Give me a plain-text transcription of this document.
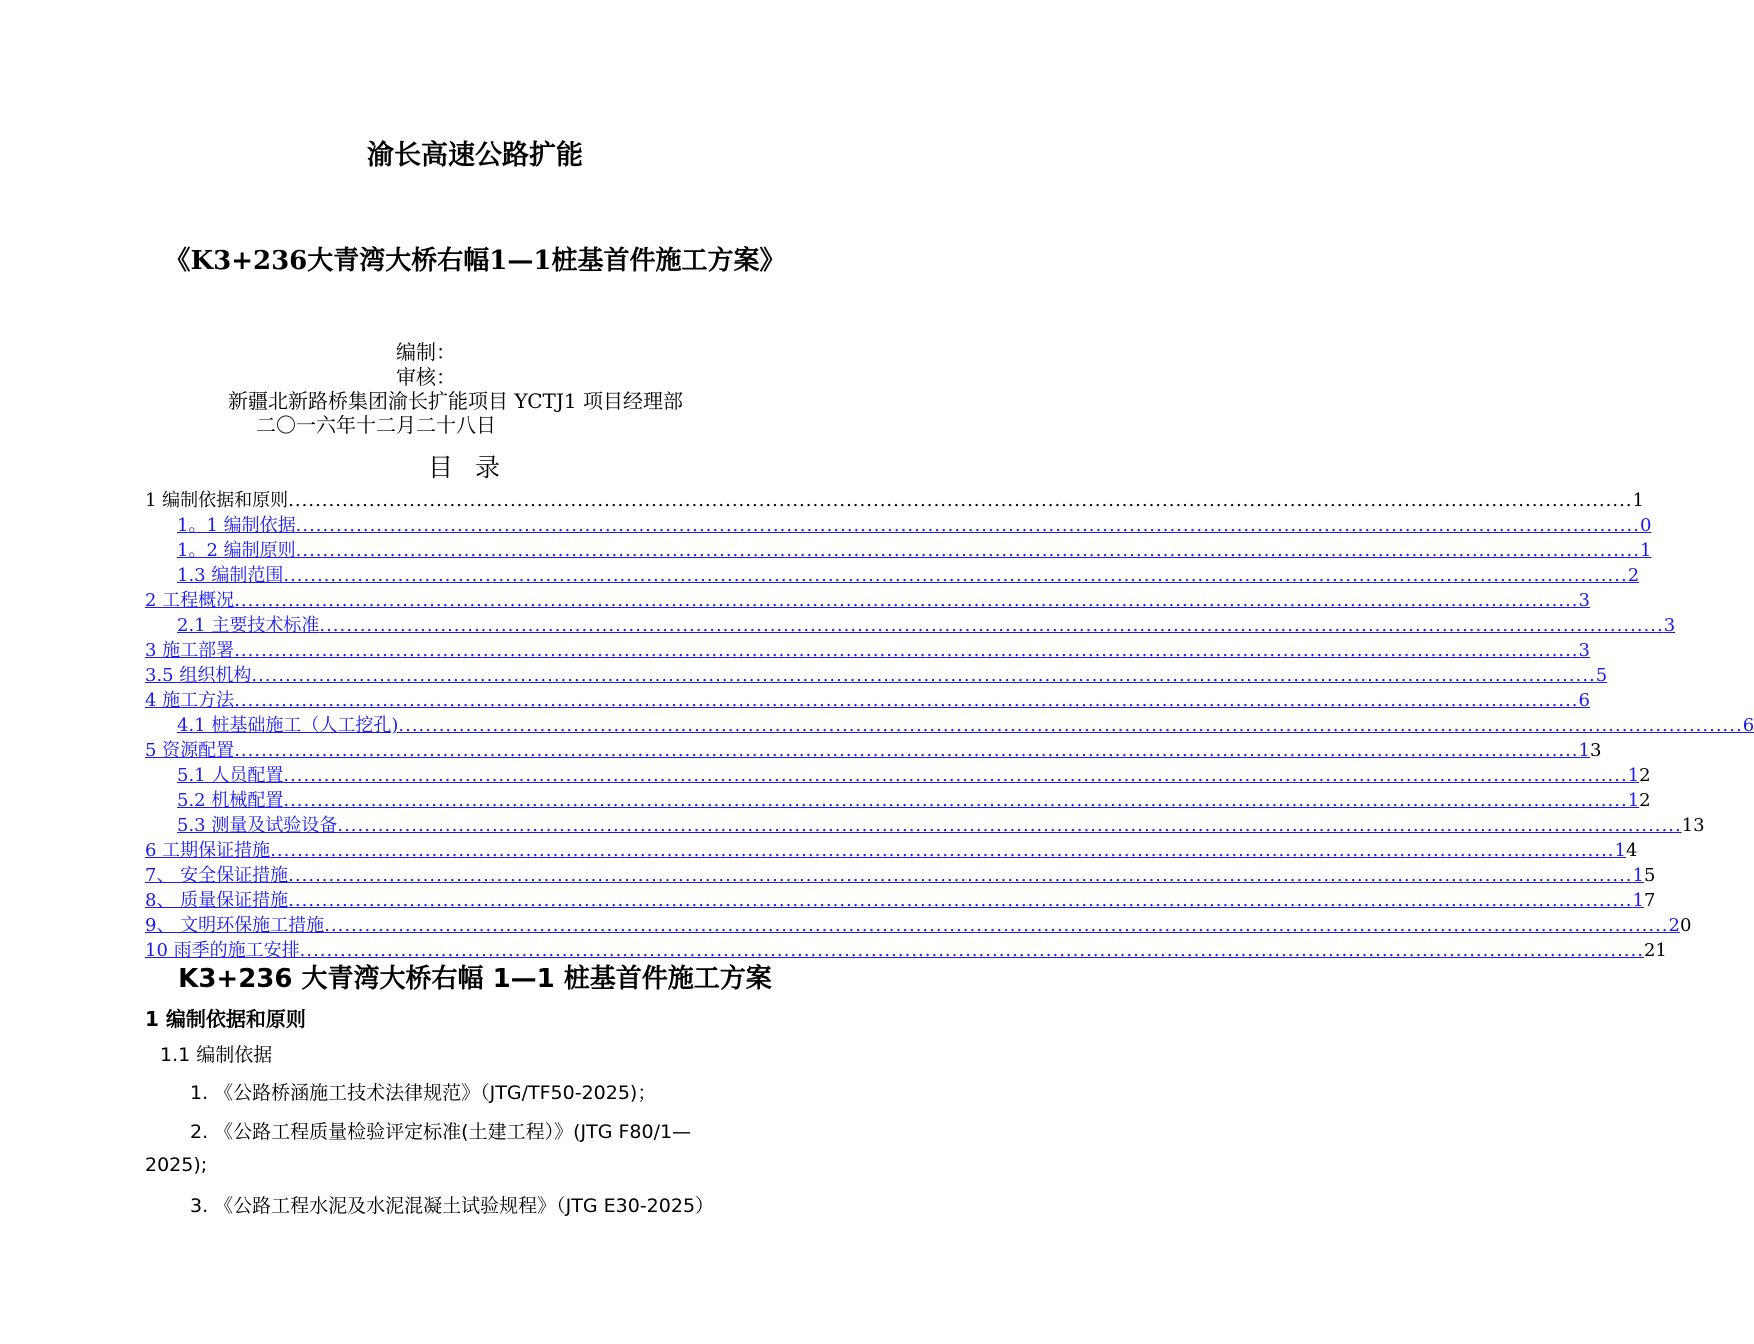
渝长高速公路扩能
《K3+236大青湾大桥右幅1—1桩基首件施工方案》
编制：
审核：
新疆北新路桥集团渝长扩能项目 YCTJ1 项目经理部
二〇一六年十二月二十八日
目录
1 编制依据和原则 ........................................................................................................................................................................................................ 1
1。1 编制依据 ........................................................................................................................................................................................................ 0
1。2 编制原则 ........................................................................................................................................................................................................ 1
1.3 编制范围 ........................................................................................................................................................................................................ 2
2 工程概况 ........................................................................................................................................................................................................ 3
2.1 主要技术标准 ........................................................................................................................................................................................................ 3
3 施工部署 ........................................................................................................................................................................................................ 3
3.5 组织机构 ........................................................................................................................................................................................................ 5
4 施工方法 ........................................................................................................................................................................................................ 6
4.1 桩基础施工（人工挖孔) ........................................................................................................................................................................................................ 6
5 资源配置 ........................................................................................................................................................................................................ 13
5.1 人员配置 ........................................................................................................................................................................................................ 12
5.2 机械配置 ........................................................................................................................................................................................................ 12
5.3 测量及试验设备 ........................................................................................................................................................................................................ 13
6 工期保证措施 ........................................................................................................................................................................................................ 14
7、 安全保证措施 ........................................................................................................................................................................................................ 15
8、 质量保证措施 ........................................................................................................................................................................................................ 17
9、 文明环保施工措施 ........................................................................................................................................................................................................ 20
10 雨季的施工安排 ........................................................................................................................................................................................................ 21
K3+236 大青湾大桥右幅 1—1 桩基首件施工方案
1 编制依据和原则
1.1 编制依据
1. 《公路桥涵施工技术法律规范》（JTG/TF50-2025)；
2. 《公路工程质量检验评定标准(土建工程）》(JTG F80/1—
2025);
3. 《公路工程水泥及水泥混凝土试验规程》（JTG E30-2025）
